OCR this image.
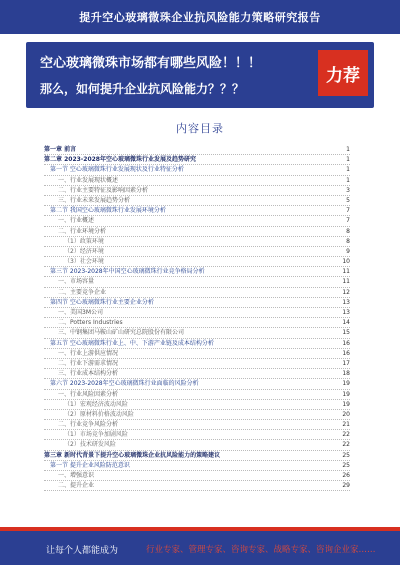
提升空心玻璃微珠企业抗风险能力策略研究报告
空心玻璃微珠市场都有哪些风险！！！
那么，如何提升企业抗风险能力？？？
力荐
内容目录
第一章 前言	1
第二章 2023-2028年空心玻璃微珠行业发展及趋势研究	1
第一节 空心玻璃微珠行业发展现状及行业特征分析	1
一、行业发展现状概述	1
二、行业主要特征及影响因素分析	3
三、行业未来发展趋势分析	5
第二节 我国空心玻璃微珠行业发展环境分析	7
一、行业概述	7
二、行业环境分析	8
（1）政策环境	8
（2）经济环境	9
（3）社会环境	10
第三节 2023-2028年中国空心玻璃微珠行业竞争格局分析	11
一、市场容量	11
二、主要竞争企业	12
第四节 空心玻璃微珠行业主要企业分析	13
一、美国3M公司	13
二、Potters Industries	14
三、中钢集团马鞍山矿山研究总院股份有限公司	15
第五节 空心玻璃微珠行业上、中、下游产业链及成本结构分析	16
一、行业上游供应情况	16
二、行业下游需求情况	17
三、行业成本结构分析	18
第六节 2023-2028年空心玻璃微珠行业面临的风险分析	19
一、行业风险因素分析	19
（1）宏观经济波动风险	19
（2）原材料价格波动风险	20
二、行业竞争风险分析	21
（1）市场竞争加剧风险	22
（2）技术研发风险	22
第三章 新时代背景下提升空心玻璃微珠企业抗风险能力的策略建议	25
第一节 提升企业风险防范意识	25
一、增强意识	26
二、提升企业	29
让每个人都能成为	行业专家、管理专家、咨询专家、战略专家、咨询企业家……
